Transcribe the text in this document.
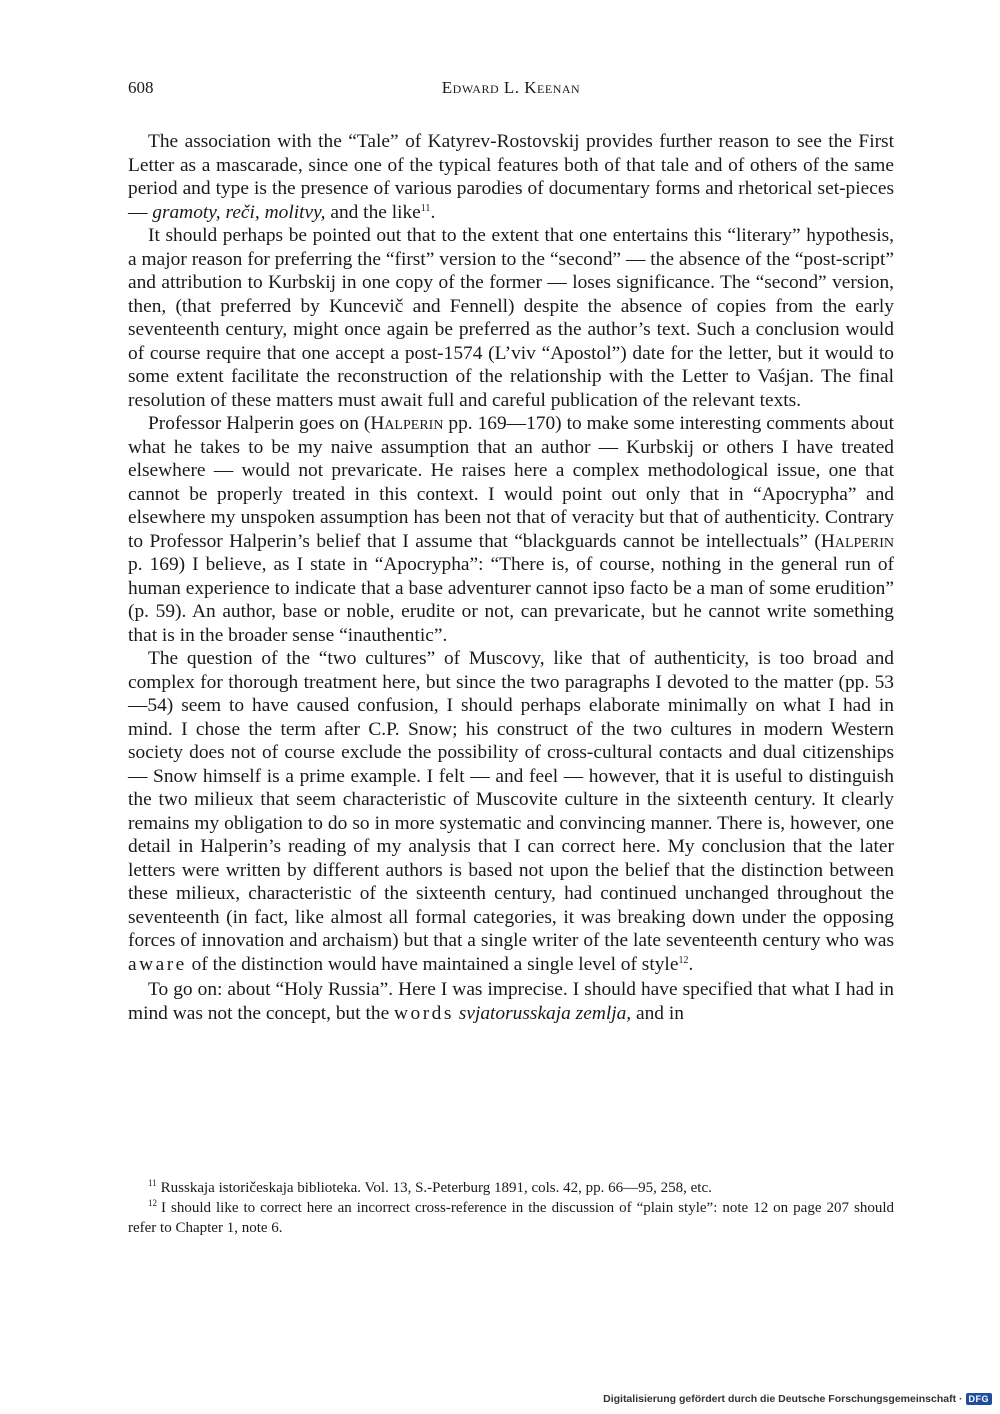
608	Edward L. Keenan

The association with the “Tale” of Katyrev-Rostovskij provides further reason to see the First Letter as a mascarade, since one of the typical features both of that tale and of others of the same period and type is the presence of various parodies of documentary forms and rhetorical set-pieces — gramoty, reči, molitvy, and the like$^{11}$.

It should perhaps be pointed out that to the extent that one entertains this “literary” hypothesis, a major reason for preferring the “first” version to the “second” — the absence of the “post-script” and attribution to Kurbskij in one copy of the former — loses significance. The “second” version, then, (that preferred by Kuncevič and Fennell) despite the absence of copies from the early seventeenth century, might once again be preferred as the author’s text. Such a conclusion would of course require that one accept a post-1574 (L’viv “Apostol”) date for the letter, but it would to some extent facilitate the reconstruction of the relationship with the Letter to Vaśjan. The final resolution of these matters must await full and careful publication of the relevant texts.

Professor Halperin goes on (Halperin pp. 169—170) to make some interesting comments about what he takes to be my naive assumption that an author — Kurbskij or others I have treated elsewhere — would not prevaricate. He raises here a complex methodological issue, one that cannot be properly treated in this context. I would point out only that in “Apocrypha” and elsewhere my unspoken assumption has been not that of veracity but that of authenticity. Contrary to Professor Halperin’s belief that I assume that “blackguards cannot be intellectuals” (Halperin p. 169) I believe, as I state in “Apocrypha”: “There is, of course, nothing in the general run of human experience to indicate that a base adventurer cannot ipso facto be a man of some erudition” (p. 59). An author, base or noble, erudite or not, can prevaricate, but he cannot write something that is in the broader sense “inauthentic”.

The question of the “two cultures” of Muscovy, like that of authenticity, is too broad and complex for thorough treatment here, but since the two paragraphs I devoted to the matter (pp. 53—54) seem to have caused confusion, I should perhaps elaborate minimally on what I had in mind. I chose the term after C.P. Snow; his construct of the two cultures in modern Western society does not of course exclude the possibility of cross-cultural contacts and dual citizenships — Snow himself is a prime example. I felt — and feel — however, that it is useful to distinguish the two milieux that seem characteristic of Muscovite culture in the sixteenth century. It clearly remains my obligation to do so in more systematic and convincing manner. There is, however, one detail in Halperin’s reading of my analysis that I can correct here. My conclusion that the later letters were written by different authors is based not upon the belief that the distinction between these milieux, characteristic of the sixteenth century, had continued unchanged throughout the seventeenth (in fact, like almost all formal categories, it was breaking down under the opposing forces of innovation and archaism) but that a single writer of the late seventeenth century who was aware of the distinction would have maintained a single level of style$^{12}$.

To go on: about “Holy Russia”. Here I was imprecise. I should have specified that what I had in mind was not the concept, but the words svjatorusskaja zemlja, and in

$^{11}$ Russkaja istoričeskaja biblioteka. Vol. 13, S.-Peterburg 1891, cols. 42, pp. 66—95, 258, etc.

$^{12}$ I should like to correct here an incorrect cross-reference in the discussion of “plain style”: note 12 on page 207 should refer to Chapter 1, note 6.

Digitalisierung gefördert durch die Deutsche Forschungsgemeinschaft · DFG
